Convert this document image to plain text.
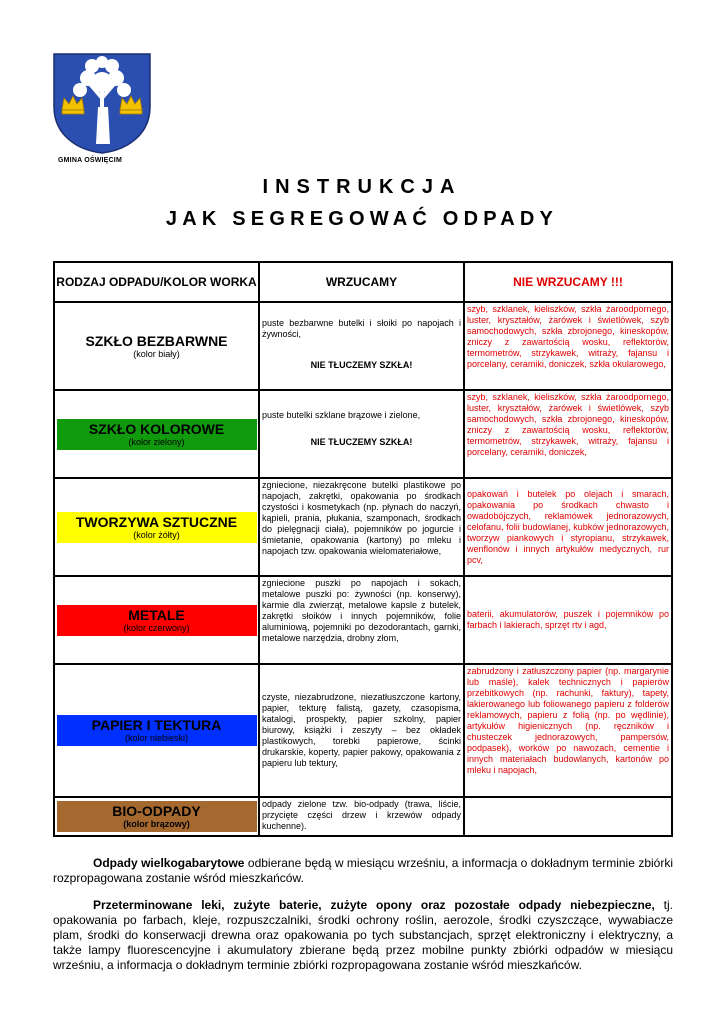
GMINA OŚWIĘCIM
INSTRUKCJA
JAK SEGREGOWAĆ ODPADY
RODZAJ ODPADU/KOLOR WORKA	WRZUCAMY	NIE WRZUCAMY !!!
SZKŁO BEZBARWNE
(kolor biały)
puste bezbarwne butelki i słoiki po napojach i żywności,
NIE TŁUCZEMY SZKŁA!
szyb, szklanek, kieliszków, szkła żaroodpornego, luster, kryształów, żarówek i świetlówek, szyb samochodowych, szkła zbrojonego, kineskopów, zniczy z zawartością wosku, reflektorów, termometrów, strzykawek, witraży, fajansu i porcelany, ceramiki, doniczek, szkła okularowego,
SZKŁO KOLOROWE
(kolor zielony)
puste butelki szklane brązowe i zielone,
NIE TŁUCZEMY SZKŁA!
szyb, szklanek, kieliszków, szkła żaroodpornego, luster, kryształów, żarówek i świetlówek, szyb samochodowych, szkła zbrojonego, kineskopów, zniczy z zawartością wosku, reflektorów, termometrów, strzykawek, witraży, fajansu i porcelany, ceramiki, doniczek,
TWORZYWA SZTUCZNE
(kolor żółty)
zgniecione, niezakręcone butelki plastikowe po napojach, zakrętki, opakowania po środkach czystości i kosmetykach (np. płynach do naczyń, kąpieli, prania, płukania, szamponach, środkach do pielęgnacji ciała), pojemników po jogurcie i śmietanie, opakowania (kartony) po mleku i napojach tzw. opakowania wielomateriałowe,
opakowań i butelek po olejach i smarach, opakowania po środkach chwasto i owadobójczych, reklamówek jednorazowych, celofanu, folii budowlanej, kubków jednorazowych, tworzyw piankowych i styropianu, strzykawek, wenflonów i innych artykułów medycznych, rur pcv,
METALE
(kolor czerwony)
zgniecione puszki po napojach i sokach, metalowe puszki po: żywności (np. konserwy), karmie dla zwierząt, metalowe kapsle z butelek, zakrętki słoików i innych pojemników, folie aluminiową, pojemniki po dezodorantach, garnki, metalowe narzędzia, drobny złom,
baterii, akumulatorów, puszek i pojemników po farbach i lakierach, sprzęt rtv i agd,
PAPIER I TEKTURA
(kolor niebieski)
czyste, niezabrudzone, niezatłuszczone kartony, papier, tekturę falistą, gazety, czasopisma, katalogi, prospekty, papier szkolny, papier biurowy, książki i zeszyty – bez okładek plastikowych, torebki papierowe, ścinki drukarskie, koperty, papier pakowy, opakowania z papieru lub tektury,
zabrudzony i zatłuszczony papier (np. margarynie lub maśle), kalek technicznych i papierów przebitkowych (np. rachunki, faktury), tapety, lakierowanego lub foliowanego papieru z folderów reklamowych, papieru z folią (np. po wędlinie), artykułów higienicznych (np. ręczników i chusteczek jednorazowych, pampersów, podpasek), worków po nawozach, cementie i innych materiałach budowlanych, kartonów po mleku i napojach,
BIO-ODPADY
(kolor brązowy)
odpady zielone tzw. bio-odpady (trawa, liście, przycięte części drzew i krzewów odpady kuchenne).
Odpady wielkogabarytowe odbierane będą w miesiącu wrześniu, a informacja o dokładnym terminie zbiórki rozpropagowana zostanie wśród mieszkańców.
Przeterminowane leki, zużyte baterie, zużyte opony oraz pozostałe odpady niebezpieczne, tj. opakowania po farbach, kleje, rozpuszczalniki, środki ochrony roślin, aerozole, środki czyszczące, wywabiacze plam, środki do konserwacji drewna oraz opakowania po tych substancjach, sprzęt elektroniczny i elektryczny, a także lampy fluorescencyjne i akumulatory zbierane będą przez mobilne punkty zbiórki odpadów w miesiącu wrześniu, a informacja o dokładnym terminie zbiórki rozpropagowana zostanie wśród mieszkańców.
